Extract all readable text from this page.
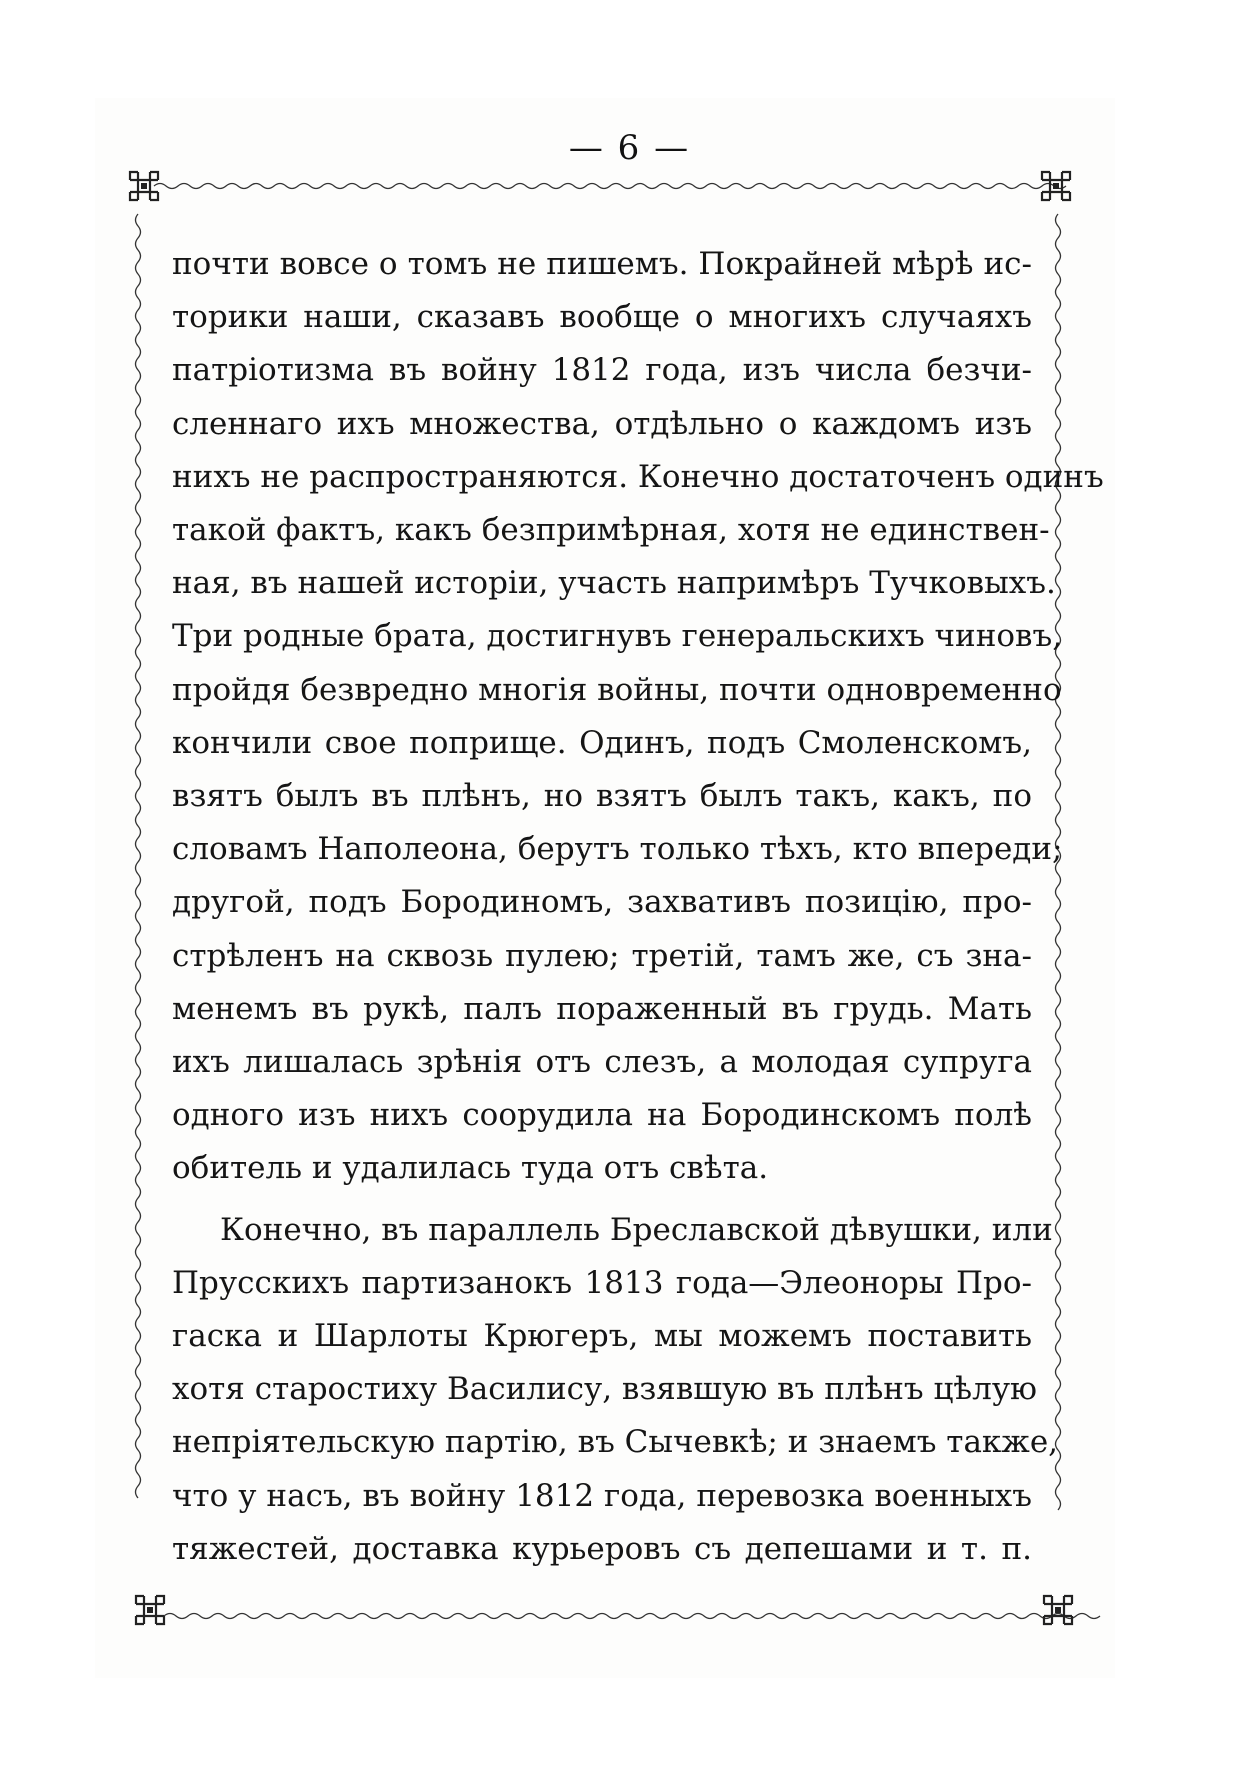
— 6 —
почти вовсе о томъ не пишемъ. Покрайней мѣрѣ ис-
торики наши, сказавъ вообще о многихъ случаяхъ
патріотизма въ войну 1812 года, изъ числа безчи-
сленнаго ихъ множества, отдѣльно о каждомъ изъ
нихъ не распространяются. Конечно достаточенъ одинъ
такой фактъ, какъ безпримѣрная, хотя не единствен-
ная, въ нашей исторіи, участь напримѣръ Тучковыхъ.
Три родные брата, достигнувъ генеральскихъ чиновъ,
пройдя безвредно многія войны, почти одновременно
кончили свое поприще. Одинъ, подъ Смоленскомъ,
взятъ былъ въ плѣнъ, но взятъ былъ такъ, какъ, по
словамъ Наполеона, берутъ только тѣхъ, кто впереди;
другой, подъ Бородиномъ, захвативъ позицію, про-
стрѣленъ на сквозь пулею; третій, тамъ же, съ зна-
менемъ въ рукѣ, палъ пораженный въ грудь. Мать
ихъ лишалась зрѣнія отъ слезъ, а молодая супруга
одного изъ нихъ соорудила на Бородинскомъ полѣ
обитель и удалилась туда отъ свѣта.
Конечно, въ параллель Бреславской дѣвушки, или
Прусскихъ партизанокъ 1813 года—Элеоноры Про-
гаска и Шарлоты Крюгеръ, мы можемъ поставить
хотя старостиху Василису, взявшую въ плѣнъ цѣлую
непріятельскую партію, въ Сычевкѣ; и знаемъ также,
что у насъ, въ войну 1812 года, перевозка военныхъ
тяжестей, доставка курьеровъ съ депешами и т. п.
